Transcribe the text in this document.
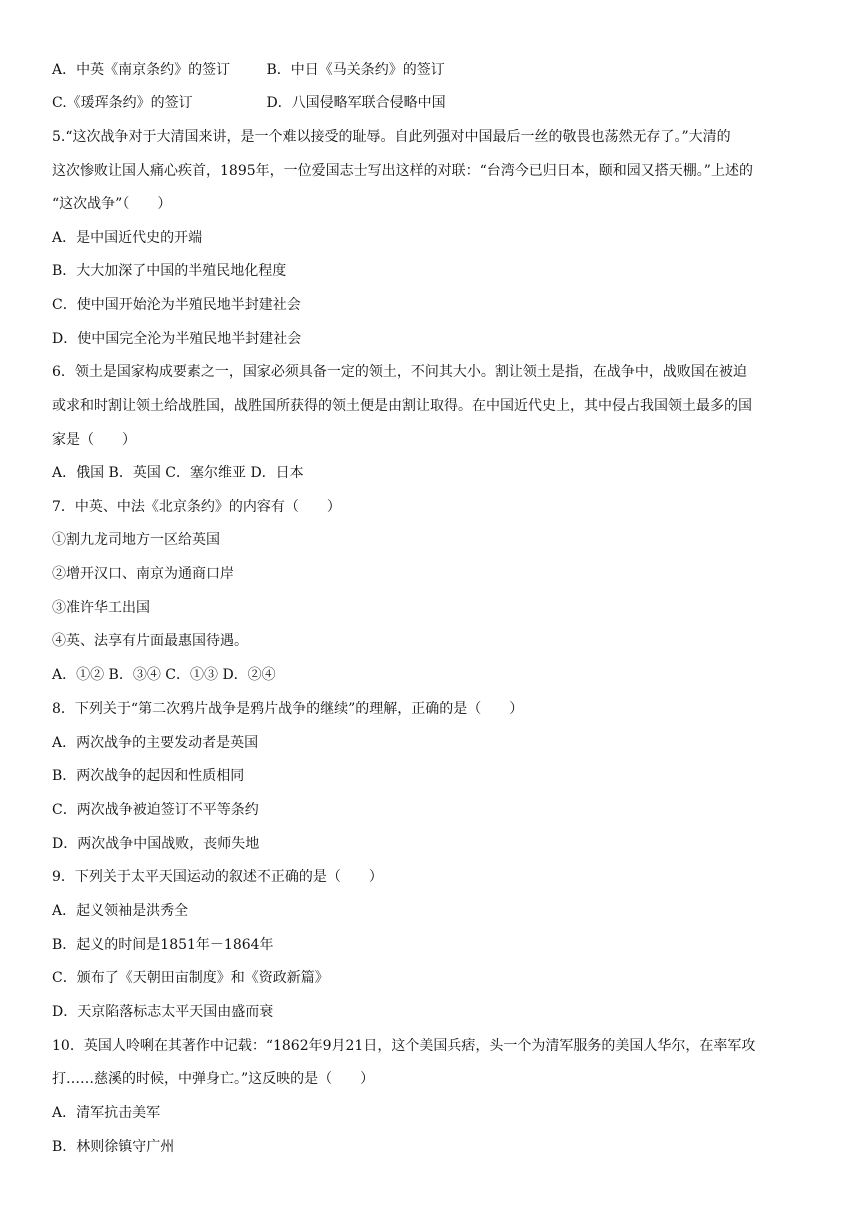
A．中英《南京条约》的签订	B．中日《马关条约》的签订
C.《瑗珲条约》的签订	D．八国侵略军联合侵略中国
5.“这次战争对于大清国来讲，是一个难以接受的耻辱。自此列强对中国最后一丝的敬畏也荡然无存了。”大清的
这次惨败让国人痛心疾首，1895年，一位爱国志士写出这样的对联：“台湾今已归日本，颐和园又搭天棚。”上述的
“这次战争”（　　）
A．是中国近代史的开端
B．大大加深了中国的半殖民地化程度
C．使中国开始沦为半殖民地半封建社会
D．使中国完全沦为半殖民地半封建社会
6．领土是国家构成要素之一，国家必须具备一定的领土，不问其大小。割让领土是指，在战争中，战败国在被迫
或求和时割让领土给战胜国，战胜国所获得的领土便是由割让取得。在中国近代史上，其中侵占我国领土最多的国
家是（　　）
A．俄国 B．英国 C．塞尔维亚 D．日本
7．中英、中法《北京条约》的内容有（　　）
①割九龙司地方一区给英国
②增开汉口、南京为通商口岸
③准许华工出国
④英、法享有片面最惠国待遇。
A．①② B．③④ C．①③ D．②④
8．下列关于“第二次鸦片战争是鸦片战争的继续”的理解，正确的是（　　）
A．两次战争的主要发动者是英国
B．两次战争的起因和性质相同
C．两次战争被迫签订不平等条约
D．两次战争中国战败，丧师失地
9．下列关于太平天国运动的叙述不正确的是（　　）
A．起义领袖是洪秀全
B．起义的时间是1851年－1864年
C．颁布了《天朝田亩制度》和《资政新篇》
D．天京陷落标志太平天国由盛而衰
10．英国人呤唎在其著作中记载：“1862年9月21日，这个美国兵痞，头一个为清军服务的美国人华尔，在率军攻
打……慈溪的时候，中弹身亡。”这反映的是（　　）
A．清军抗击美军
B．林则徐镇守广州
